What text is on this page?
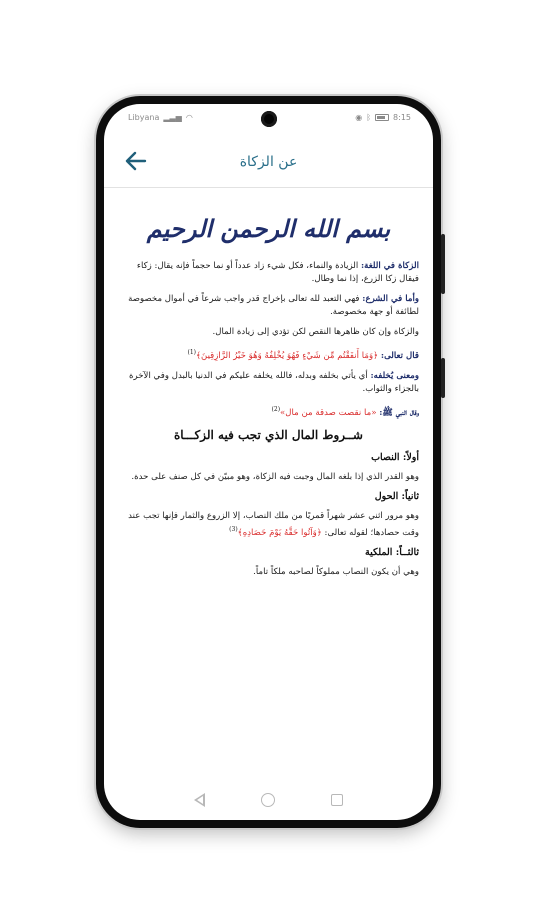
Libyana ▂▃▅ ◠	◉ ᛒ	8:15
عن الزكاة
بسم الله الرحمن الرحيم

الزكاة في اللغة: الزيادة والنماء، فكل شيء زاد عدداً أو نما حجماً فإنه يقال: زكاء فيقال زكا الزرع، إذا نما وطال.

وأما في الشرع: فهي التعبد لله تعالى بإخراج قدر واجب شرعاً في أموال مخصوصة لطائفة أو جهة مخصوصة.

والزكاة وإن كان ظاهرها النقص لكن تؤدي إلى زيادة المال.

قال تعالى: ﴿وَمَا أَنفَقْتُم مِّن شَيْءٍ فَهُوَ يُخْلِفُهُ وَهُوَ خَيْرُ الرَّازِقِينَ﴾$^{(1)}$

ومعنى يُخلفه: أي يأتي بخلفه وبدله، فالله يخلفه عليكم في الدنيا بالبدل وفي الآخرة بالجزاء والثواب.

وقال النبي ﷺ: «ما نقصت صدقة من مال»$^{(2)}$

شــروط المال الذي تجب فيه الزكـــاة
أولاً: النصاب

وهو القدر الذي إذا بلغه المال وجبت فيه الزكاة، وهو مبيّن في كل صنف على حدة.

ثانياً: الحول

وهو مرور اثني عشر شهراً قمريًا من ملك النصاب، إلا الزروع والثمار فإنها تجب عند وقت حصادها؛ لقوله تعالى: ﴿وَآتُوا حَقَّهُ يَوْمَ حَصَادِهِ﴾$^{(3)}$

ثالثــاً: الملكية

وهي أن يكون النصاب مملوكاً لصاحبه ملكاً تاماً.
